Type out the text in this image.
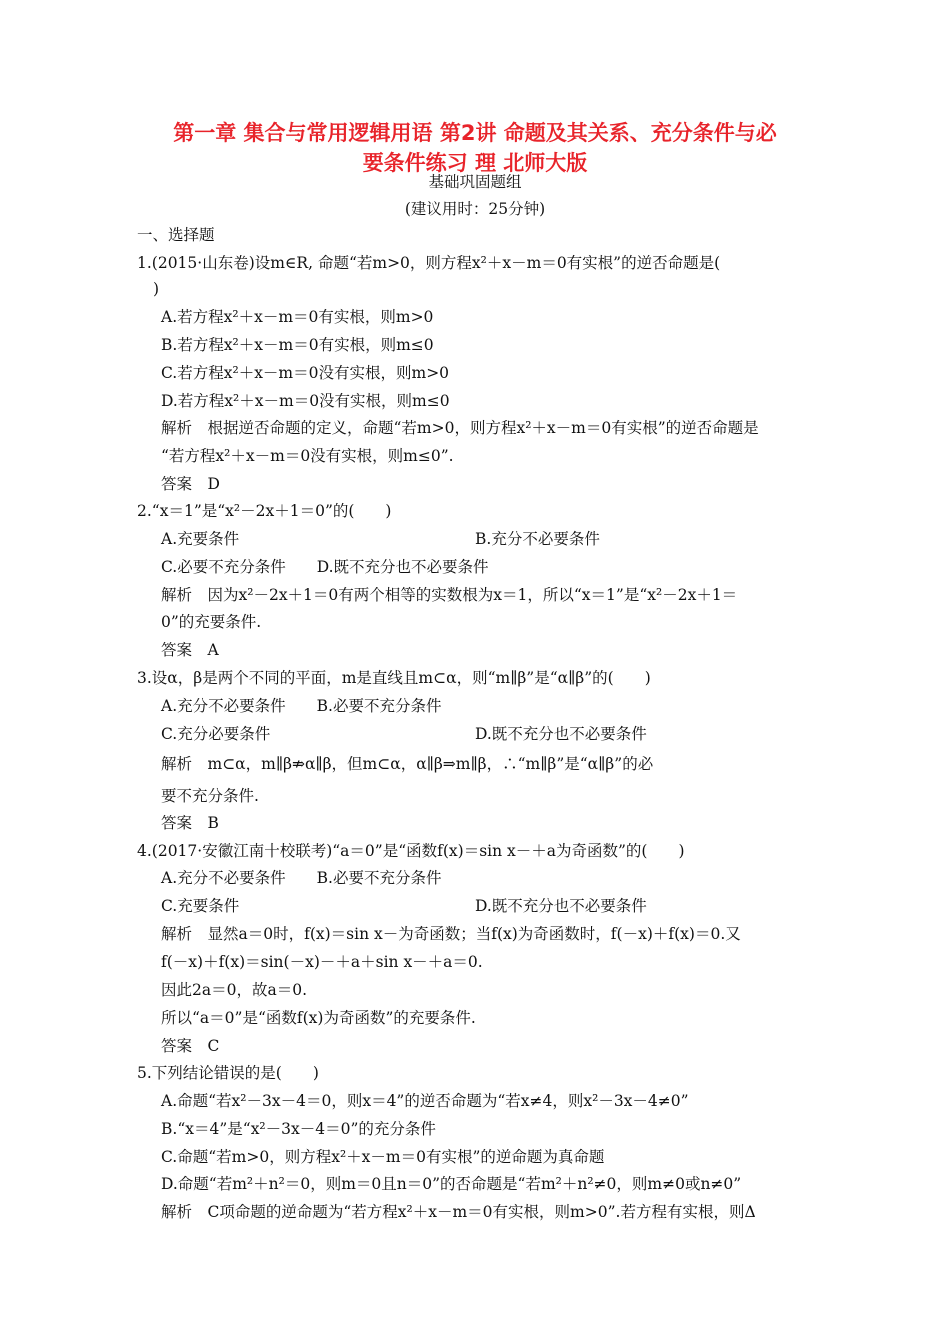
第一章 集合与常用逻辑用语 第2讲 命题及其关系、充分条件与必
要条件练习 理 北师大版
基础巩固题组
(建议用时：25分钟)
一、选择题
1.(2015·山东卷)设m∈R, 命题“若m>0，则方程x²＋x－m＝0有实根”的逆否命题是(
)
A.若方程x²＋x－m＝0有实根，则m>0
B.若方程x²＋x－m＝0有实根，则m≤0
C.若方程x²＋x－m＝0没有实根，则m>0
D.若方程x²＋x－m＝0没有实根，则m≤0
解析　根据逆否命题的定义，命题“若m>0，则方程x²＋x－m＝0有实根”的逆否命题是
“若方程x²＋x－m＝0没有实根，则m≤0”.
答案　D
2.“x＝1”是“x²－2x＋1＝0”的(　　)
A.充要条件	B.充分不必要条件
C.必要不充分条件　　D.既不充分也不必要条件
解析　因为x²－2x＋1＝0有两个相等的实数根为x＝1，所以“x＝1”是“x²－2x＋1＝
0”的充要条件.
答案　A
3.设α，β是两个不同的平面，m是直线且m⊂α，则“m∥β”是“α∥β”的(　　)
A.充分不必要条件　　B.必要不充分条件
C.充分必要条件	D.既不充分也不必要条件
解析　m⊂α，m∥β⇏α∥β，但m⊂α，α∥β⇒m∥β，∴“m∥β”是“α∥β”的必
要不充分条件.
答案　B
4.(2017·安徽江南十校联考)“a＝0”是“函数f(x)＝sin x－＋a为奇函数”的(　　)
A.充分不必要条件　　B.必要不充分条件
C.充要条件	D.既不充分也不必要条件
解析　显然a＝0时，f(x)＝sin x－为奇函数；当f(x)为奇函数时，f(－x)＋f(x)＝0.又
f(－x)＋f(x)＝sin(－x)－＋a＋sin x－＋a＝0.
因此2a＝0，故a＝0.
所以“a＝0”是“函数f(x)为奇函数”的充要条件.
答案　C
5.下列结论错误的是(　　)
A.命题“若x²－3x－4＝0，则x＝4”的逆否命题为“若x≠4，则x²－3x－4≠0”
B.“x＝4”是“x²－3x－4＝0”的充分条件
C.命题“若m>0，则方程x²＋x－m＝0有实根”的逆命题为真命题
D.命题“若m²＋n²＝0，则m＝0且n＝0”的否命题是“若m²＋n²≠0，则m≠0或n≠0”
解析　C项命题的逆命题为“若方程x²＋x－m＝0有实根，则m>0”.若方程有实根，则Δ
